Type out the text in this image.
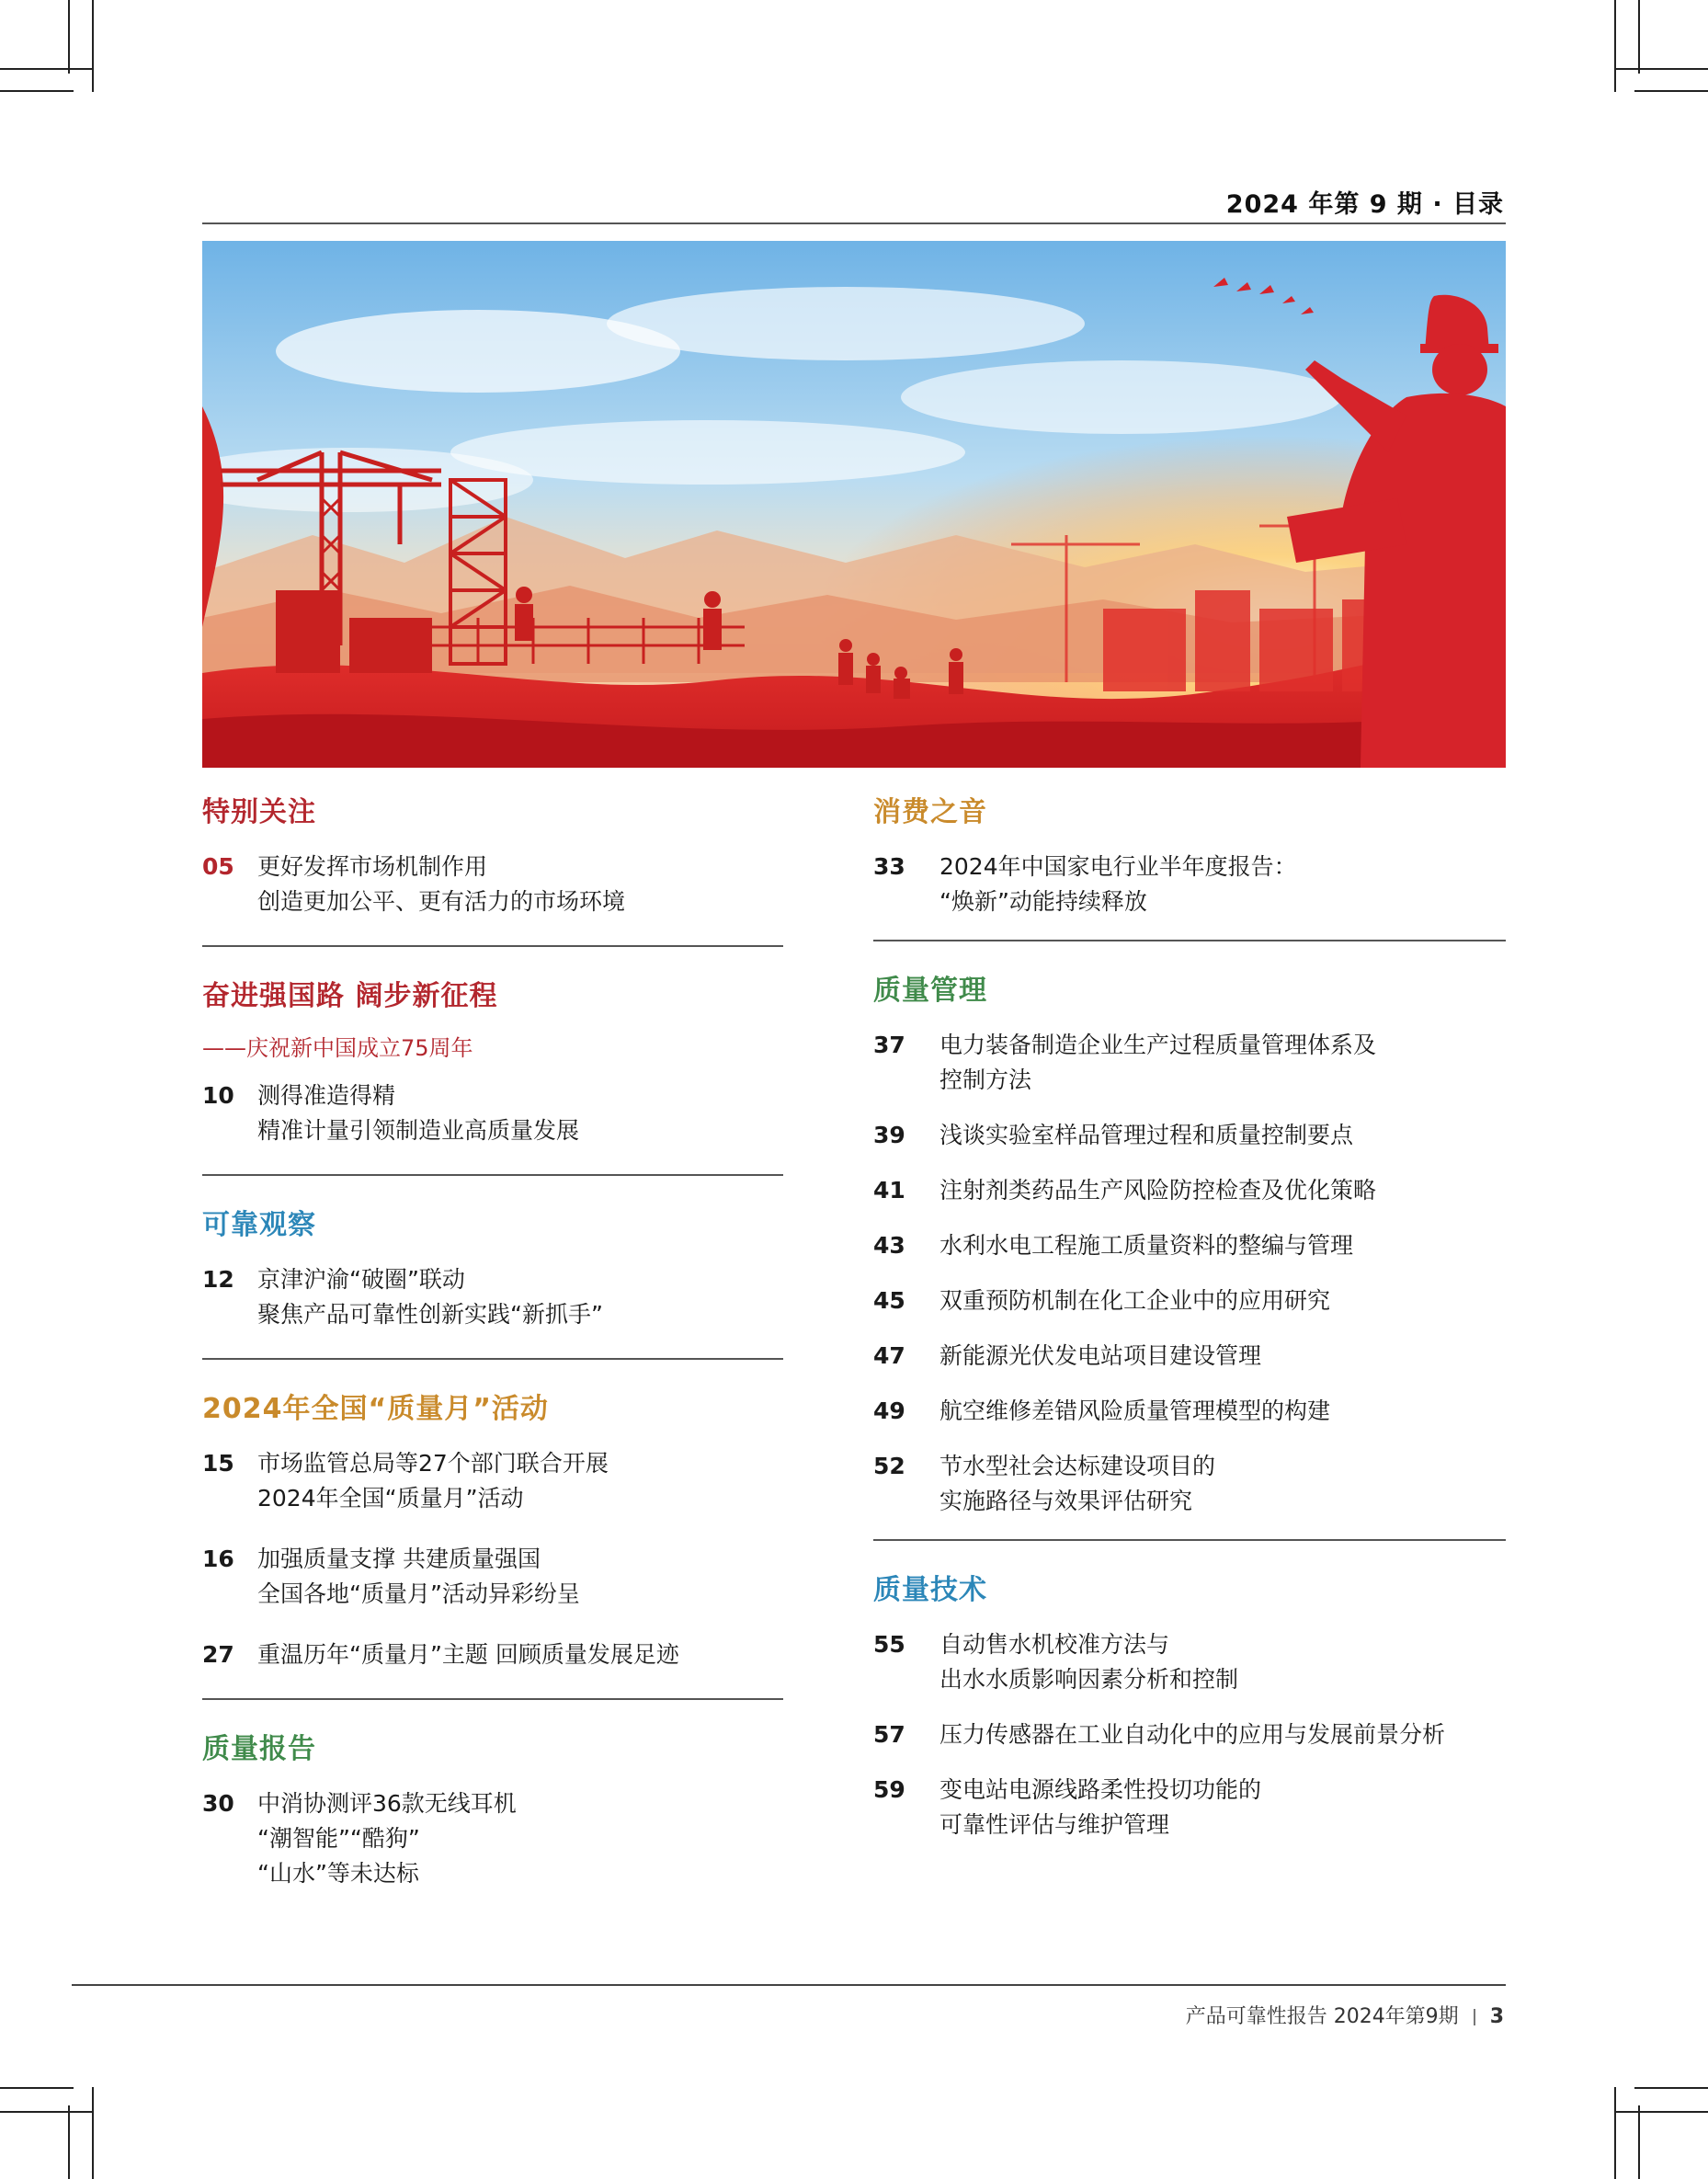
2024 年第 9 期 · 目录
特别关注
05	更好发挥市场机制作用
创造更加公平、更有活力的市场环境
奋进强国路 阔步新征程
——庆祝新中国成立75周年
10	测得准造得精
精准计量引领制造业高质量发展
可靠观察
12	京津沪渝“破圈”联动
聚焦产品可靠性创新实践“新抓手”
2024年全国“质量月”活动
15	市场监管总局等27个部门联合开展
2024年全国“质量月”活动
16	加强质量支撑 共建质量强国
全国各地“质量月”活动异彩纷呈
27	重温历年“质量月”主题 回顾质量发展足迹
质量报告
30	中消协测评36款无线耳机
“潮智能”“酷狗”
“山水”等未达标
消费之音
33	2024年中国家电行业半年度报告：
“焕新”动能持续释放
质量管理
37	电力装备制造企业生产过程质量管理体系及
控制方法
39	浅谈实验室样品管理过程和质量控制要点
41	注射剂类药品生产风险防控检查及优化策略
43	水利水电工程施工质量资料的整编与管理
45	双重预防机制在化工企业中的应用研究
47	新能源光伏发电站项目建设管理
49	航空维修差错风险质量管理模型的构建
52	节水型社会达标建设项目的
实施路径与效果评估研究
质量技术
55	自动售水机校准方法与
出水水质影响因素分析和控制
57	压力传感器在工业自动化中的应用与发展前景分析
59	变电站电源线路柔性投切功能的
可靠性评估与维护管理
产品可靠性报告 2024年第9期 3
